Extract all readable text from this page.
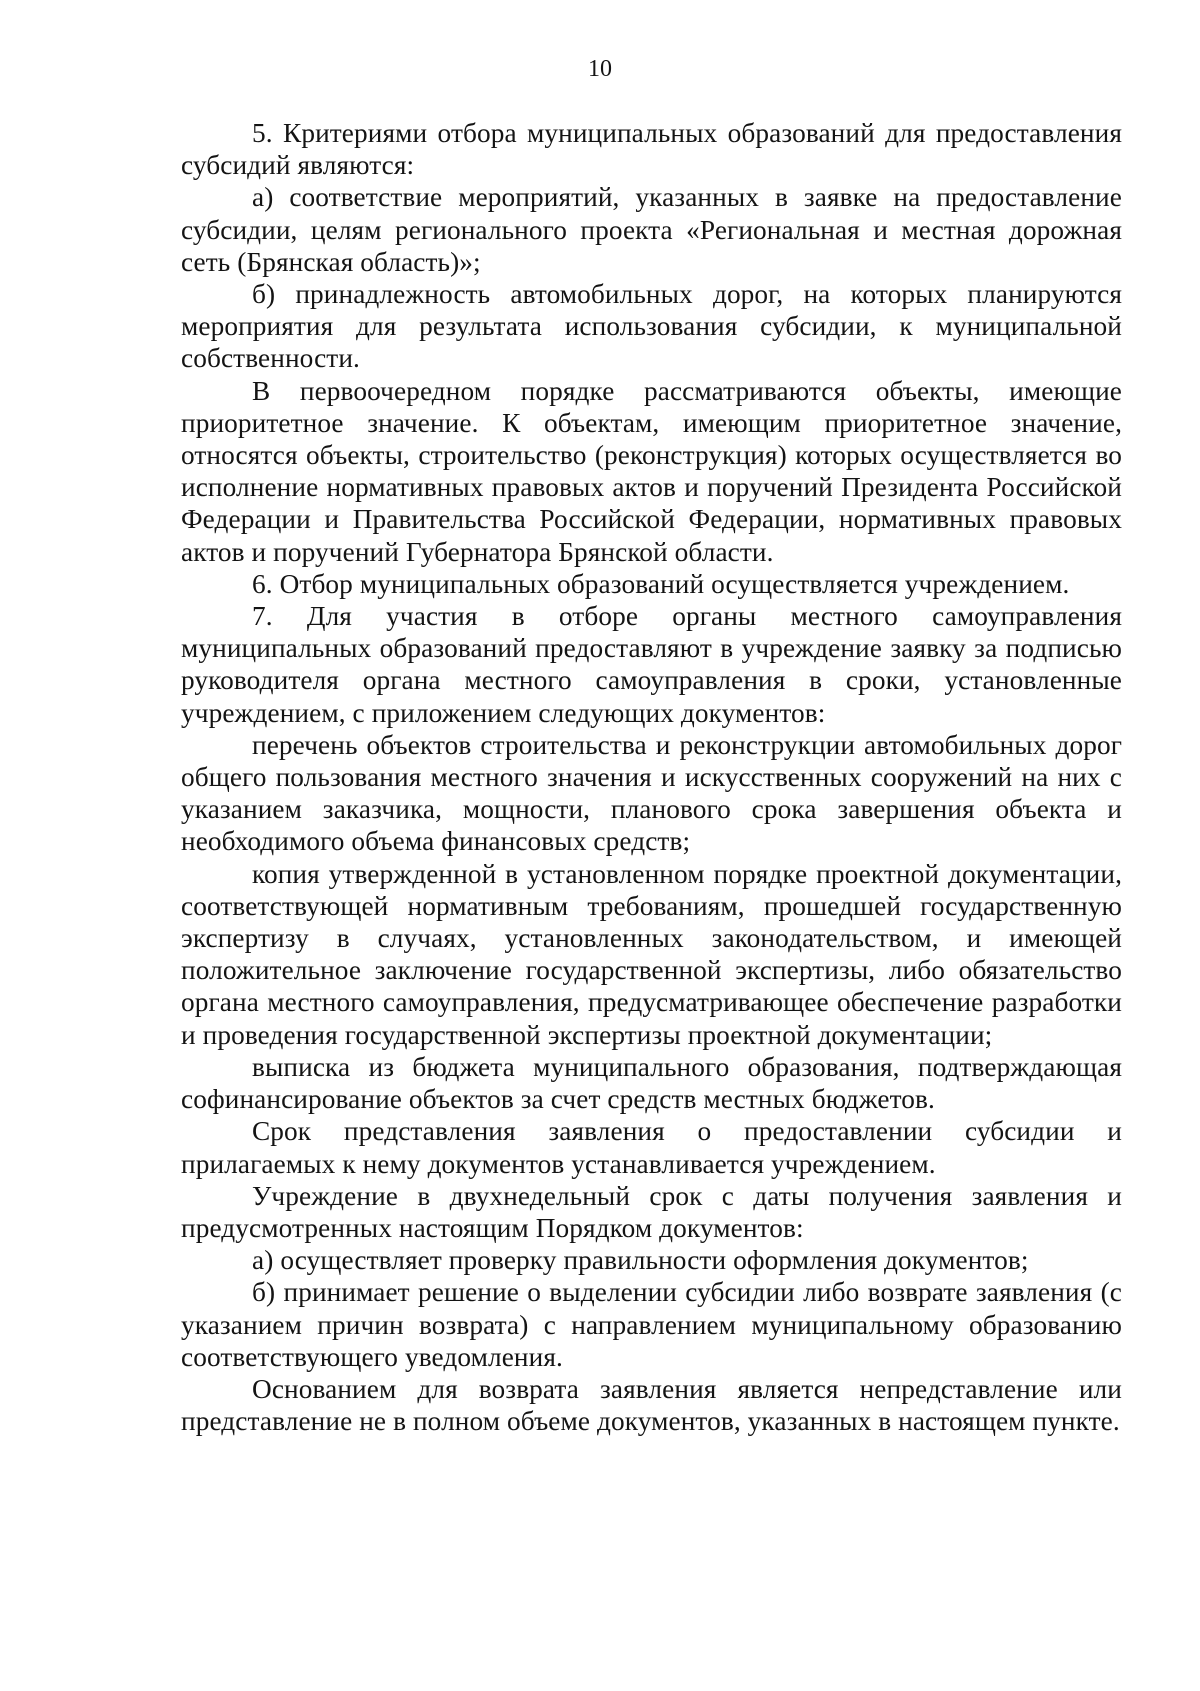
10

5. Критериями отбора муниципальных образований для предоставления субсидий являются:

а) соответствие мероприятий, указанных в заявке на предоставление субсидии, целям регионального проекта «Региональная и местная дорожная сеть (Брянская область)»;

б) принадлежность автомобильных дорог, на которых планируются мероприятия для результата использования субсидии, к муниципальной собственности.

В первоочередном порядке рассматриваются объекты, имеющие приоритетное значение. К объектам, имеющим приоритетное значение, относятся объекты, строительство (реконструкция) которых осуществляется во исполнение нормативных правовых актов и поручений Президента Российской Федерации и Правительства Российской Федерации, нормативных правовых актов и поручений Губернатора Брянской области.

6. Отбор муниципальных образований осуществляется учреждением.

7. Для участия в отборе органы местного самоуправления муниципальных образований предоставляют в учреждение заявку за подписью руководителя органа местного самоуправления в сроки, установленные учреждением, с приложением следующих документов:

перечень объектов строительства и реконструкции автомобильных дорог общего пользования местного значения и искусственных сооружений на них с указанием заказчика, мощности, планового срока завершения объекта и необходимого объема финансовых средств;

копия утвержденной в установленном порядке проектной документации, соответствующей нормативным требованиям, прошедшей государственную экспертизу в случаях, установленных законодательством, и имеющей положительное заключение государственной экспертизы, либо обязательство органа местного самоуправления, предусматривающее обеспечение разработки и проведения государственной экспертизы проектной документации;

выписка из бюджета муниципального образования, подтверждающая софинансирование объектов за счет средств местных бюджетов.

Срок представления заявления о предоставлении субсидии и прилагаемых к нему документов устанавливается учреждением.

Учреждение в двухнедельный срок с даты получения заявления и предусмотренных настоящим Порядком документов:

а) осуществляет проверку правильности оформления документов;

б) принимает решение о выделении субсидии либо возврате заявления (с указанием причин возврата) с направлением муниципальному образованию соответствующего уведомления.

Основанием для возврата заявления является непредставление или представление не в полном объеме документов, указанных в настоящем пункте.
